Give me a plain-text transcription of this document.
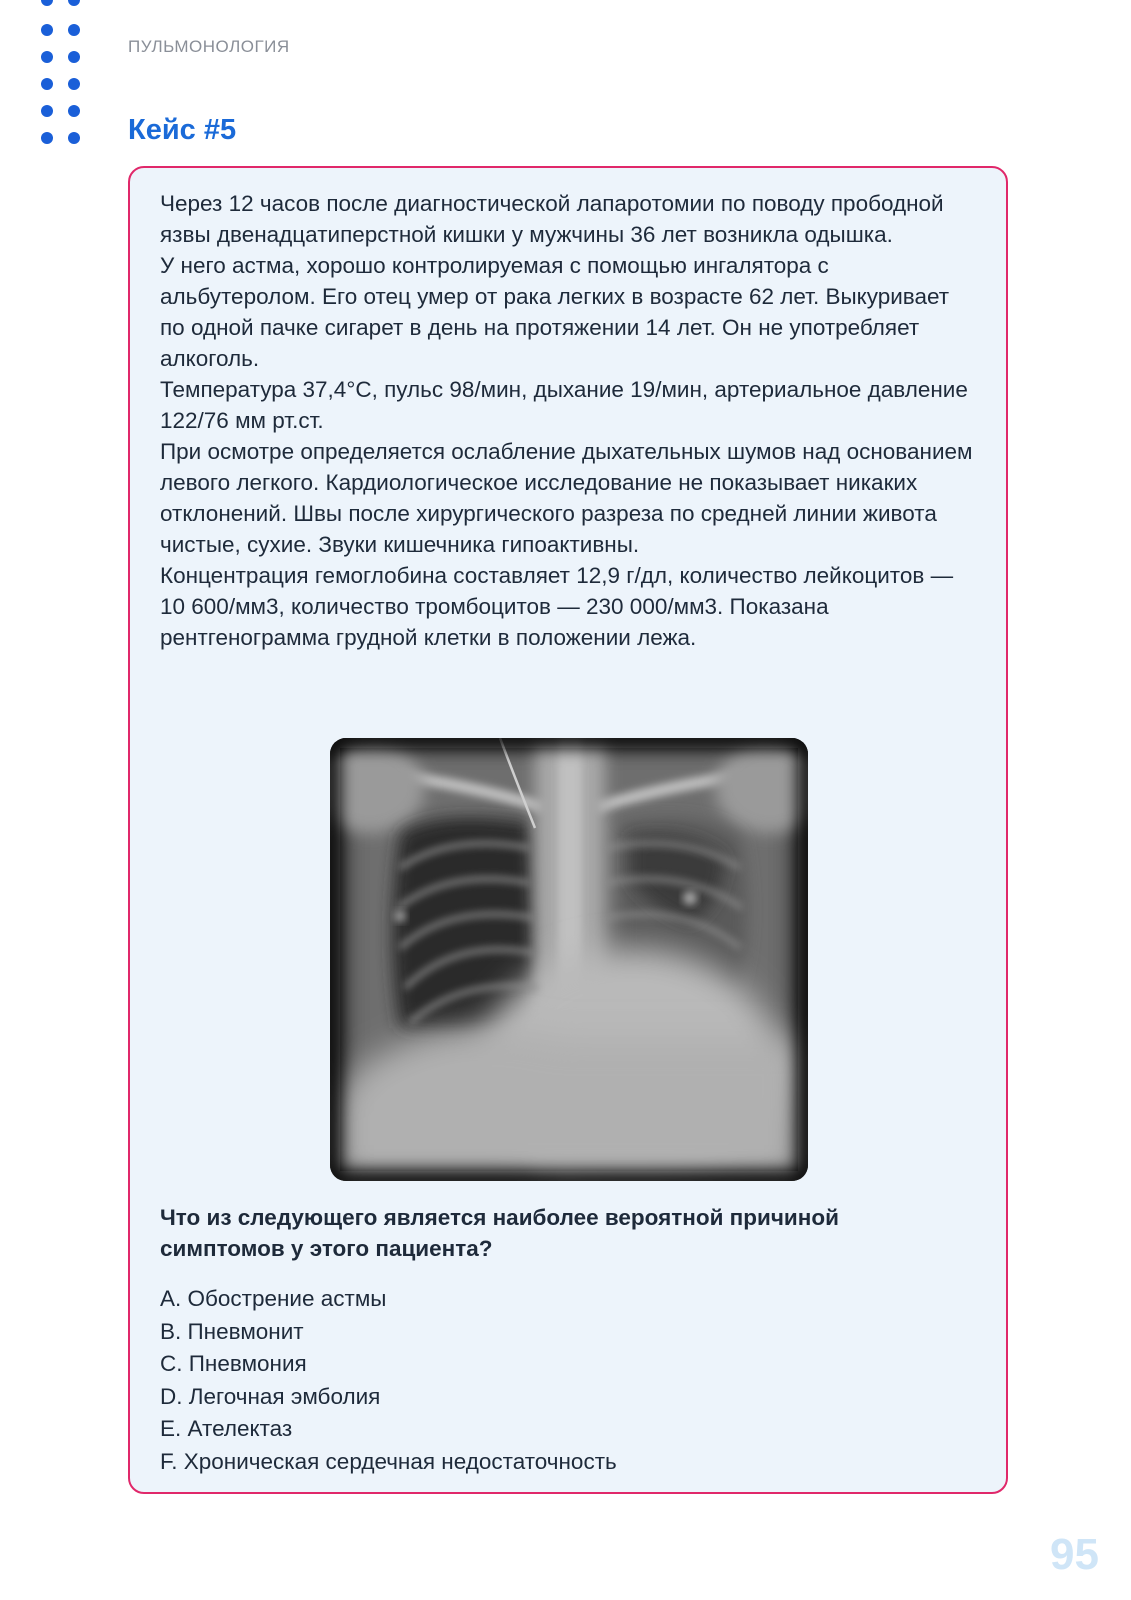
ПУЛЬМОНОЛОГИЯ
Кейс #5

Через 12 часов после диагностической лапаротомии по поводу прободной язвы двенадцатиперстной кишки у мужчины 36 лет возникла одышка.

У него астма, хорошо контролируемая с помощью ингалятора с альбутеролом. Его отец умер от рака легких в возрасте 62 лет. Выкуривает по одной пачке сигарет в день на протяжении 14 лет. Он не употребляет алкоголь.

Температура 37,4°С, пульс 98/мин, дыхание 19/мин, артериальное давление 122/76 мм рт.ст.

При осмотре определяется ослабление дыхательных шумов над основанием левого легкого. Кардиологическое исследование не показывает никаких отклонений. Швы после хирургического разреза по средней линии живота чистые, сухие. Звуки кишечника гипоактивны.

Концентрация гемоглобина составляет 12,9 г/дл, количество лейкоцитов — 10 600/мм3, количество тромбоцитов — 230 000/мм3. Показана рентгенограмма грудной клетки в положении лежа.

Что из следующего является наиболее вероятной причиной симптомов у этого пациента?

A. Обострение астмы

B. Пневмонит

C. Пневмония

D. Легочная эмболия

E. Ателектаз

F. Хроническая сердечная недостаточность

95
